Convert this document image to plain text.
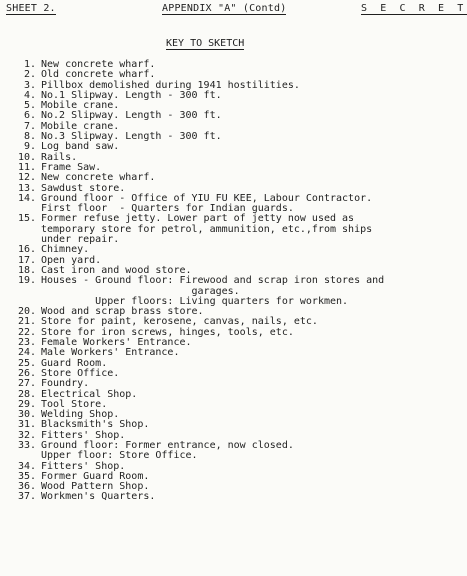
SHEET 2.	APPENDIX "A" (Contd)	S E C R E T
KEY TO SKETCH
1. New concrete wharf.
2. Old concrete wharf.
3. Pillbox demolished during 1941 hostilities.
4. No.1 Slipway. Length - 300 ft.
5. Mobile crane.
6. No.2 Slipway. Length - 300 ft.
7. Mobile crane.
8. No.3 Slipway. Length - 300 ft.
9. Log band saw.
10. Rails.
11. Frame Saw.
12. New concrete wharf.
13. Sawdust store.
14. Ground floor - Office of YIU FU KEE, Labour Contractor.
First floor  - Quarters for Indian guards.
15. Former refuse jetty. Lower part of jetty now used as
temporary store for petrol, ammunition, etc.,from ships
under repair.
16. Chimney.
17. Open yard.
18. Cast iron and wood store.
19. Houses - Ground floor: Firewood and scrap iron stores and
garages.
Upper floors: Living quarters for workmen.
20. Wood and scrap brass store.
21. Store for paint, kerosene, canvas, nails, etc.
22. Store for iron screws, hinges, tools, etc.
23. Female Workers' Entrance.
24. Male Workers' Entrance.
25. Guard Room.
26. Store Office.
27. Foundry.
28. Electrical Shop.
29. Tool Store.
30. Welding Shop.
31. Blacksmith's Shop.
32. Fitters' Shop.
33. Ground floor: Former entrance, now closed.
Upper floor: Store Office.
34. Fitters' Shop.
35. Former Guard Room.
36. Wood Pattern Shop.
37. Workmen's Quarters.
